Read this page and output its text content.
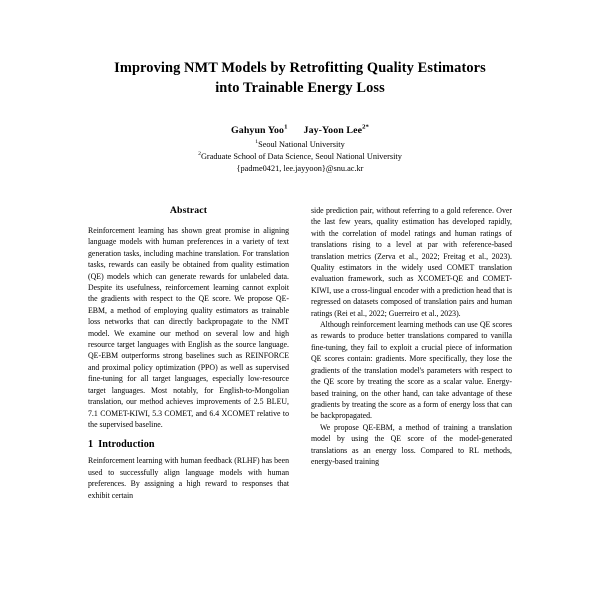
Improving NMT Models by Retrofitting Quality Estimators
into Trainable Energy Loss
Gahyun Yoo$^1$ Jay-Yoon Lee$^{2*}$
$^1$Seoul National University
$^2$Graduate School of Data Science, Seoul National University
{padme0421, lee.jayyoon}@snu.ac.kr
Abstract

Reinforcement learning has shown great promise in aligning language models with human preferences in a variety of text generation tasks, including machine translation. For translation tasks, rewards can easily be obtained from quality estimation (QE) models which can generate rewards for unlabeled data. Despite its usefulness, reinforcement learning cannot exploit the gradients with respect to the QE score. We propose QE-EBM, a method of employing quality estimators as trainable loss networks that can directly backpropagate to the NMT model. We examine our method on several low and high resource target languages with English as the source language. QE-EBM outperforms strong baselines such as REINFORCE and proximal policy optimization (PPO) as well as supervised fine-tuning for all target languages, especially low-resource target languages. Most notably, for English-to-Mongolian translation, our method achieves improvements of 2.5 BLEU, 7.1 COMET-KIWI, 5.3 COMET, and 6.4 XCOMET relative to the supervised baseline.

1 Introduction

Reinforcement learning with human feedback (RLHF) has been used to successfully align language models with human preferences. By assigning a high reward to responses that exhibit certain

side prediction pair, without referring to a gold reference. Over the last few years, quality estimation has developed rapidly, with the correlation of model ratings and human ratings of translations rising to a level at par with reference-based translation metrics (Zerva et al., 2022; Freitag et al., 2023). Quality estimators in the widely used COMET translation evaluation framework, such as XCOMET-QE and COMET-KIWI, use a cross-lingual encoder with a prediction head that is regressed on datasets composed of translation pairs and human ratings (Rei et al., 2022; Guerreiro et al., 2023).

Although reinforcement learning methods can use QE scores as rewards to produce better translations compared to vanilla fine-tuning, they fail to exploit a crucial piece of information QE scores contain: gradients. More specifically, they lose the gradients of the translation model's parameters with respect to the QE score by treating the score as a scalar value. Energy-based training, on the other hand, can take advantage of these gradients by treating the score as a form of energy loss that can be backpropagated.

We propose QE-EBM, a method of training a translation model by using the QE score of the model-generated translations as an energy loss. Compared to RL methods, energy-based training
